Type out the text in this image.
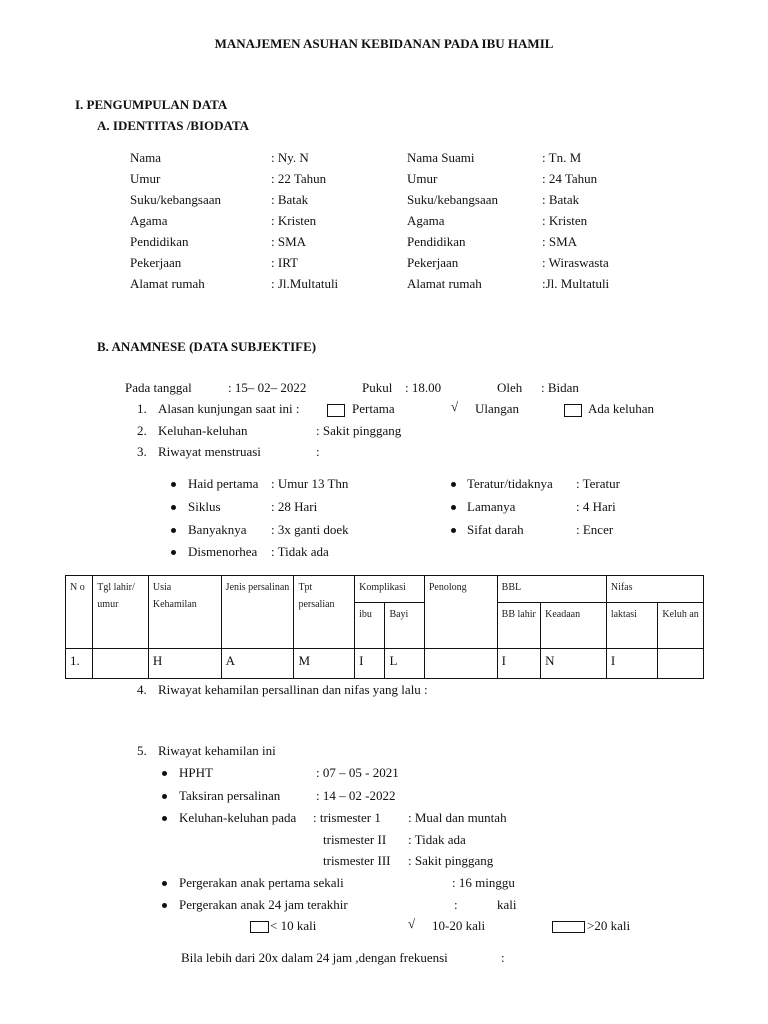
MANAJEMEN ASUHAN KEBIDANAN PADA IBU HAMIL
I. PENGUMPULAN DATA
A. IDENTITAS /BIODATA
Nama	: Ny. N
Umur	: 22 Tahun
Suku/kebangsaan	: Batak
Agama	: Kristen
Pendidikan	: SMA
Pekerjaan	: IRT
Alamat rumah	: Jl.Multatuli
Nama Suami	: Tn. M
Umur	: 24 Tahun
Suku/kebangsaan	: Batak
Agama	: Kristen
Pendidikan	: SMA
Pekerjaan	: Wiraswasta
Alamat rumah	:Jl. Multatuli
B. ANAMNESE (DATA SUBJEKTIFE)
Pada tanggal	: 15– 02– 2022	Pukul : 18.00	Oleh : Bidan
1. Alasan kunjungan saat ini :	Pertama	√ Ulangan	Ada keluhan
2. Keluhan-keluhan	: Sakit pinggang
3. Riwayat menstruasi	:
Haid pertama : Umur 13 Thn
Siklus	: 28 Hari
Banyaknya : 3x ganti doek
Dismenorhea : Tidak ada
Teratur/tidaknya : Teratur
Lamanya	: 4 Hari
Sifat darah	: Encer
N o	Tgl lahir/ umur	Usia Kehamilan	Jenis persalinan	Tpt persalian	Komplikasi		Penolong	BBL		Nifas	
					ibu	Bayi		BB lahir	Keadaan	laktasi	Keluh an
1.		H	A	M	I	L		I	N	I	
4. Riwayat kehamilan persallinan dan nifas yang lalu :
5. Riwayat kehamilan ini
HPHT	: 07 – 05 - 2021
Taksiran persalinan	: 14 – 02 -2022
Keluhan-keluhan pada : trismester 1 : Mual dan muntah
trismester II : Tidak ada
trismester III : Sakit pinggang
Pergerakan anak pertama sekali	: 16 minggu
Pergerakan anak 24 jam terakhir	:	kali
< 10 kali	√ 10-20 kali	>20 kali
Bila lebih dari 20x dalam 24 jam ,dengan frekuensi	:
